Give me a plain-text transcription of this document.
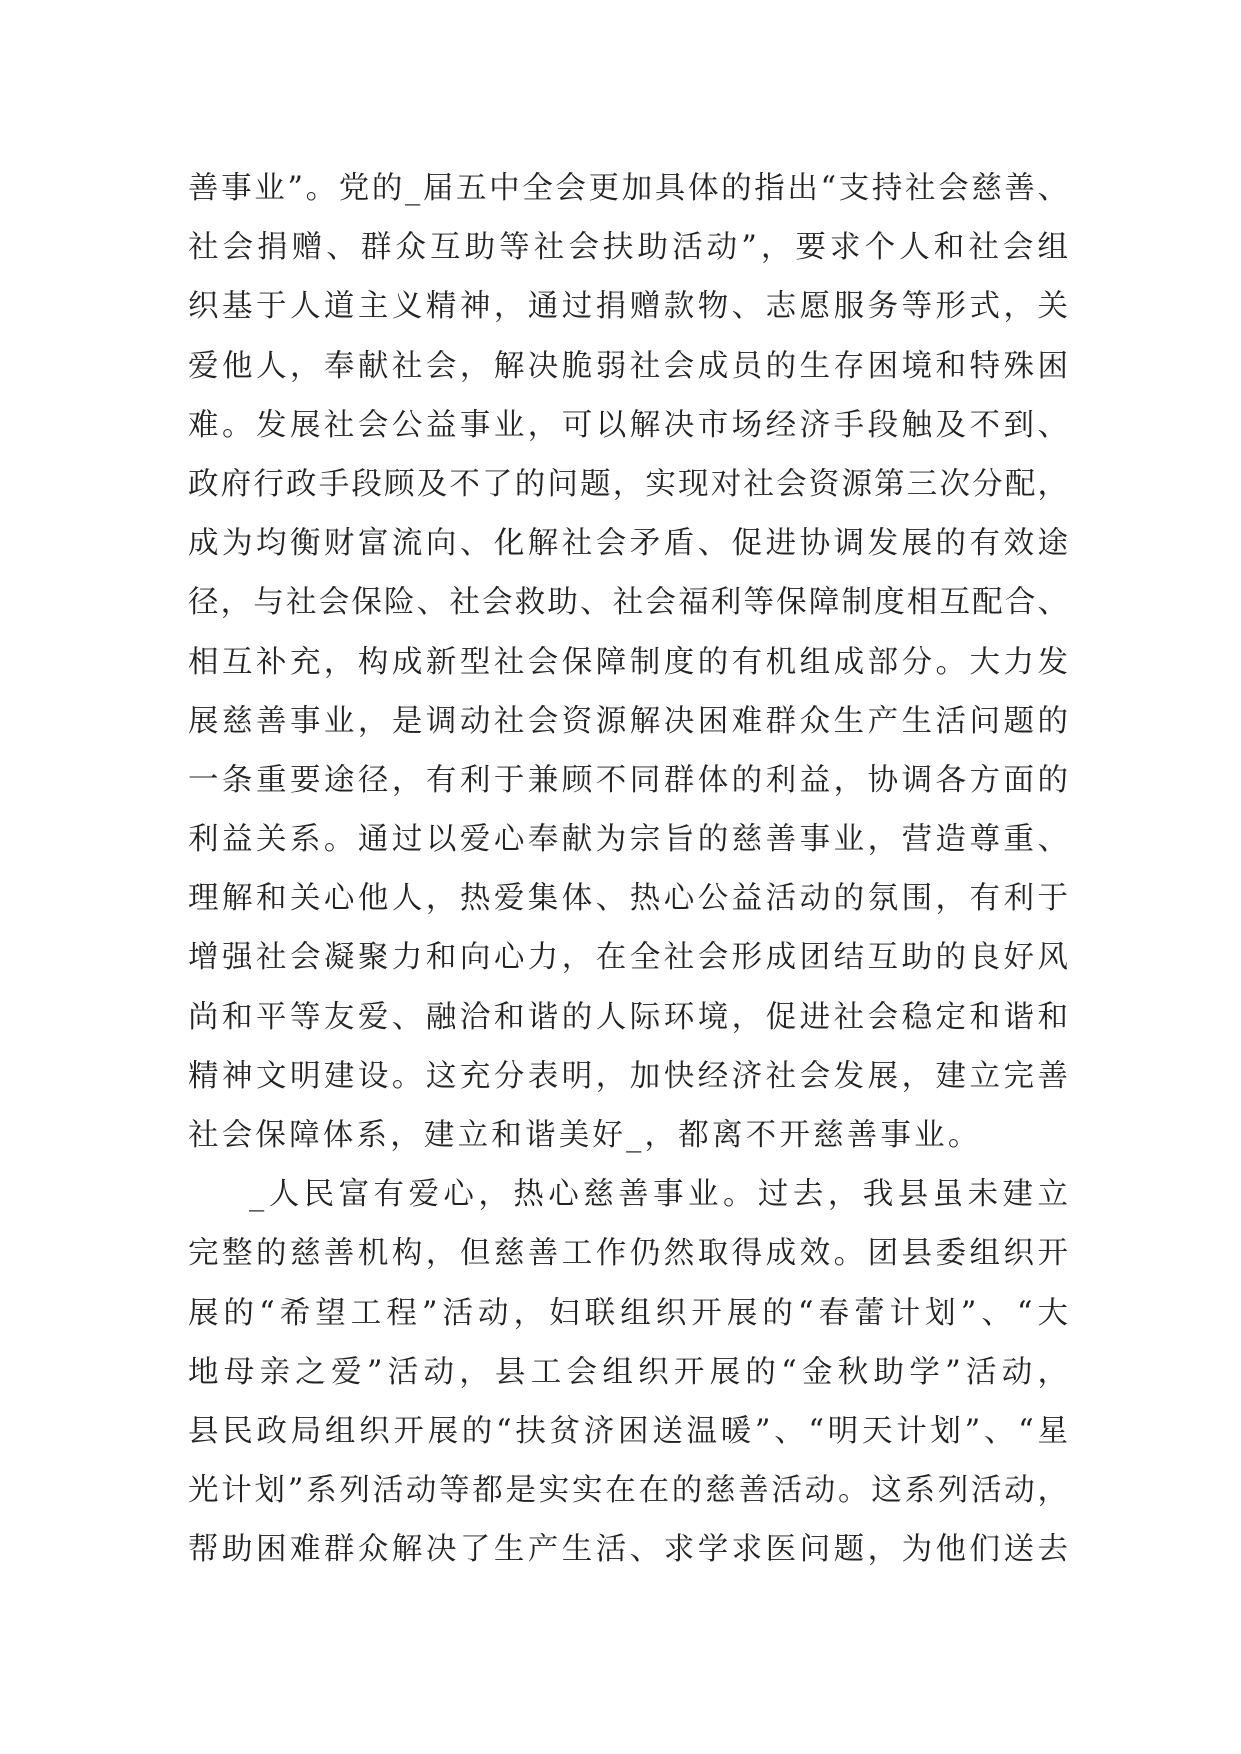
善事业”。党的_届五中全会更加具体的指出“支持社会慈善、
社会捐赠、群众互助等社会扶助活动”，要求个人和社会组
织基于人道主义精神，通过捐赠款物、志愿服务等形式，关
爱他人，奉献社会，解决脆弱社会成员的生存困境和特殊困
难。发展社会公益事业，可以解决市场经济手段触及不到、
政府行政手段顾及不了的问题，实现对社会资源第三次分配，
成为均衡财富流向、化解社会矛盾、促进协调发展的有效途
径，与社会保险、社会救助、社会福利等保障制度相互配合、
相互补充，构成新型社会保障制度的有机组成部分。大力发
展慈善事业，是调动社会资源解决困难群众生产生活问题的
一条重要途径，有利于兼顾不同群体的利益，协调各方面的
利益关系。通过以爱心奉献为宗旨的慈善事业，营造尊重、
理解和关心他人，热爱集体、热心公益活动的氛围，有利于
增强社会凝聚力和向心力，在全社会形成团结互助的良好风
尚和平等友爱、融洽和谐的人际环境，促进社会稳定和谐和
精神文明建设。这充分表明，加快经济社会发展，建立完善
社会保障体系，建立和谐美好_，都离不开慈善事业。
_人民富有爱心，热心慈善事业。过去，我县虽未建立
完整的慈善机构，但慈善工作仍然取得成效。团县委组织开
展的“希望工程”活动，妇联组织开展的“春蕾计划”、“大
地母亲之爱”活动，县工会组织开展的“金秋助学”活动，
县民政局组织开展的“扶贫济困送温暖”、“明天计划”、“星
光计划”系列活动等都是实实在在的慈善活动。这系列活动，
帮助困难群众解决了生产生活、求学求医问题，为他们送去
